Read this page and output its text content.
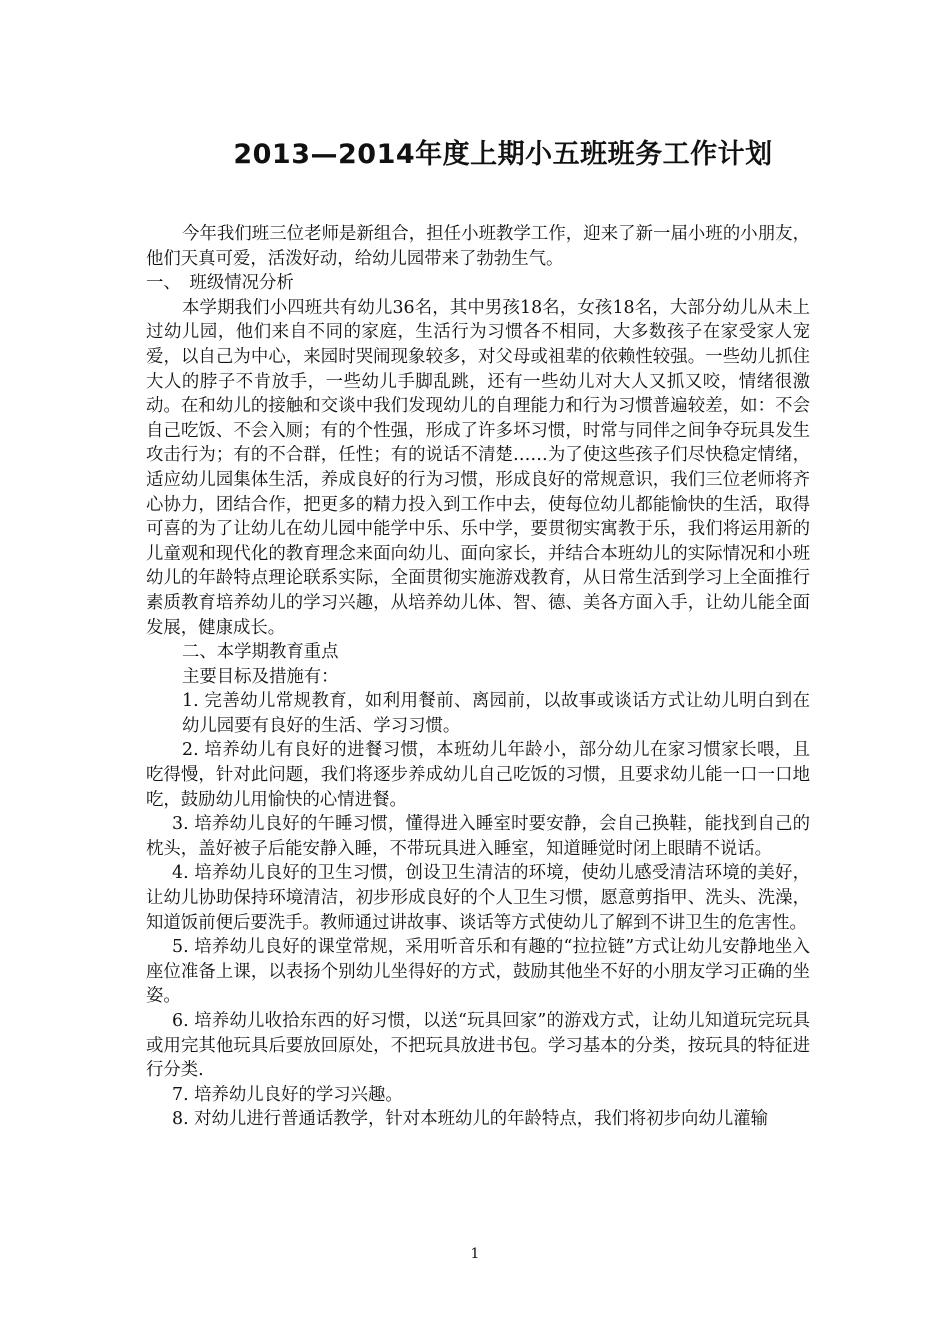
2013—2014年度上期小五班班务工作计划

今年我们班三位老师是新组合，担任小班教学工作，迎来了新一届小班的小朋友，他们天真可爱，活泼好动，给幼儿园带来了勃勃生气。

一、　班级情况分析

本学期我们小四班共有幼儿36名，其中男孩18名，女孩18名，大部分幼儿从未上过幼儿园，他们来自不同的家庭，生活行为习惯各不相同，大多数孩子在家受家人宠爱，以自己为中心，来园时哭闹现象较多，对父母或祖辈的依赖性较强。一些幼儿抓住大人的脖子不肯放手，一些幼儿手脚乱跳，还有一些幼儿对大人又抓又咬，情绪很激动。在和幼儿的接触和交谈中我们发现幼儿的自理能力和行为习惯普遍较差，如：不会自己吃饭、不会入厕；有的个性强，形成了许多坏习惯，时常与同伴之间争夺玩具发生攻击行为；有的不合群，任性；有的说话不清楚……为了使这些孩子们尽快稳定情绪，适应幼儿园集体生活，养成良好的行为习惯，形成良好的常规意识，我们三位老师将齐心协力，团结合作，把更多的精力投入到工作中去，使每位幼儿都能愉快的生活，取得可喜的为了让幼儿在幼儿园中能学中乐、乐中学，要贯彻实寓教于乐，我们将运用新的儿童观和现代化的教育理念来面向幼儿、面向家长，并结合本班幼儿的实际情况和小班幼儿的年龄特点理论联系实际，全面贯彻实施游戏教育，从日常生活到学习上全面推行素质教育培养幼儿的学习兴趣，从培养幼儿体、智、德、美各方面入手，让幼儿能全面发展，健康成长。

二、本学期教育重点

主要目标及措施有：

1. 完善幼儿常规教育，如利用餐前、离园前，以故事或谈话方式让幼儿明白到在幼儿园要有良好的生活、学习习惯。

2. 培养幼儿有良好的进餐习惯，本班幼儿年龄小，部分幼儿在家习惯家长喂，且吃得慢，针对此问题，我们将逐步养成幼儿自己吃饭的习惯，且要求幼儿能一口一口地吃，鼓励幼儿用愉快的心情进餐。

3. 培养幼儿良好的午睡习惯，懂得进入睡室时要安静，会自己换鞋，能找到自己的枕头，盖好被子后能安静入睡，不带玩具进入睡室，知道睡觉时闭上眼睛不说话。

4. 培养幼儿良好的卫生习惯，创设卫生清洁的环境，使幼儿感受清洁环境的美好，让幼儿协助保持环境清洁，初步形成良好的个人卫生习惯，愿意剪指甲、洗头、洗澡，知道饭前便后要洗手。教师通过讲故事、谈话等方式使幼儿了解到不讲卫生的危害性。

5. 培养幼儿良好的课堂常规，采用听音乐和有趣的“拉拉链”方式让幼儿安静地坐入座位准备上课，以表扬个别幼儿坐得好的方式，鼓励其他坐不好的小朋友学习正确的坐姿。

6. 培养幼儿收拾东西的好习惯，以送“玩具回家”的游戏方式，让幼儿知道玩完玩具或用完其他玩具后要放回原处，不把玩具放进书包。学习基本的分类，按玩具的特征进行分类.

7. 培养幼儿良好的学习兴趣。

8. 对幼儿进行普通话教学，针对本班幼儿的年龄特点，我们将初步向幼儿灌输

1
